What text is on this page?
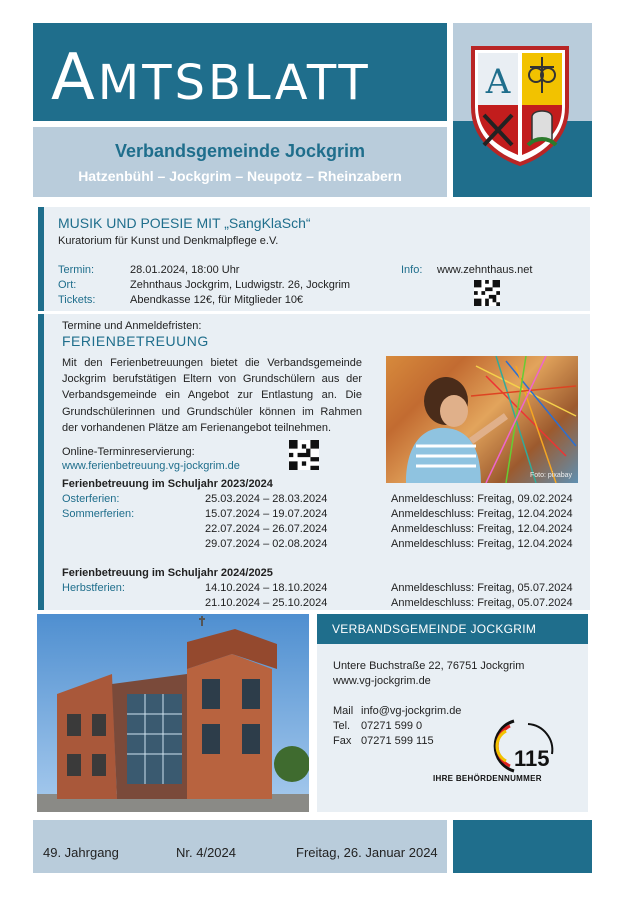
AMTSBLATT
Verbandsgemeinde Jockgrim
Hatzenbühl – Jockgrim – Neupotz – Rheinzabern
A
MUSIK UND POESIE MIT „SangKlaSch“
Kuratorium für Kunst und Denkmalpflege e.V.
Termin:	28.01.2024, 18:00 Uhr
Ort:	Zehnthaus Jockgrim, Ludwigstr. 26, Jockgrim
Tickets:	Abendkasse 12€, für Mitglieder 10€
Info: www.zehnthaus.net
Termine und Anmeldefristen:
FERIENBETREUUNG
Mit den Ferienbetreuungen bietet die Verbandsgemeinde Jockgrim berufstätigen Eltern von Grundschülern aus der Verbandsgemeinde ein Angebot zur Entlastung an. Die Grundschülerinnen und Grundschüler können im Rahmen der vorhandenen Plätze am Ferienangebot teilnehmen.
Foto: pixabay
Online-Terminreservierung:
www.ferienbetreuung.vg-jockgrim.de
Ferienbetreuung im Schuljahr 2023/2024
Osterferien:	25.03.2024 – 28.03.2024	Anmeldeschluss: Freitag, 09.02.2024
Sommerferien:	15.07.2024 – 19.07.2024	Anmeldeschluss: Freitag, 12.04.2024
22.07.2024 – 26.07.2024	Anmeldeschluss: Freitag, 12.04.2024
29.07.2024 – 02.08.2024	Anmeldeschluss: Freitag, 12.04.2024
Ferienbetreuung im Schuljahr 2024/2025
Herbstferien:	14.10.2024 – 18.10.2024	Anmeldeschluss: Freitag, 05.07.2024
21.10.2024 – 25.10.2024	Anmeldeschluss: Freitag, 05.07.2024
VERBANDSGEMEINDE JOCKGRIM
Untere Buchstraße 22, 76751 Jockgrim
www.vg-jockgrim.de
Mail info@vg-jockgrim.de
Tel. 07271 599 0
Fax 07271 599 115
115
IHRE BEHÖRDENNUMMER
49. Jahrgang	Nr. 4/2024	Freitag, 26. Januar 2024
